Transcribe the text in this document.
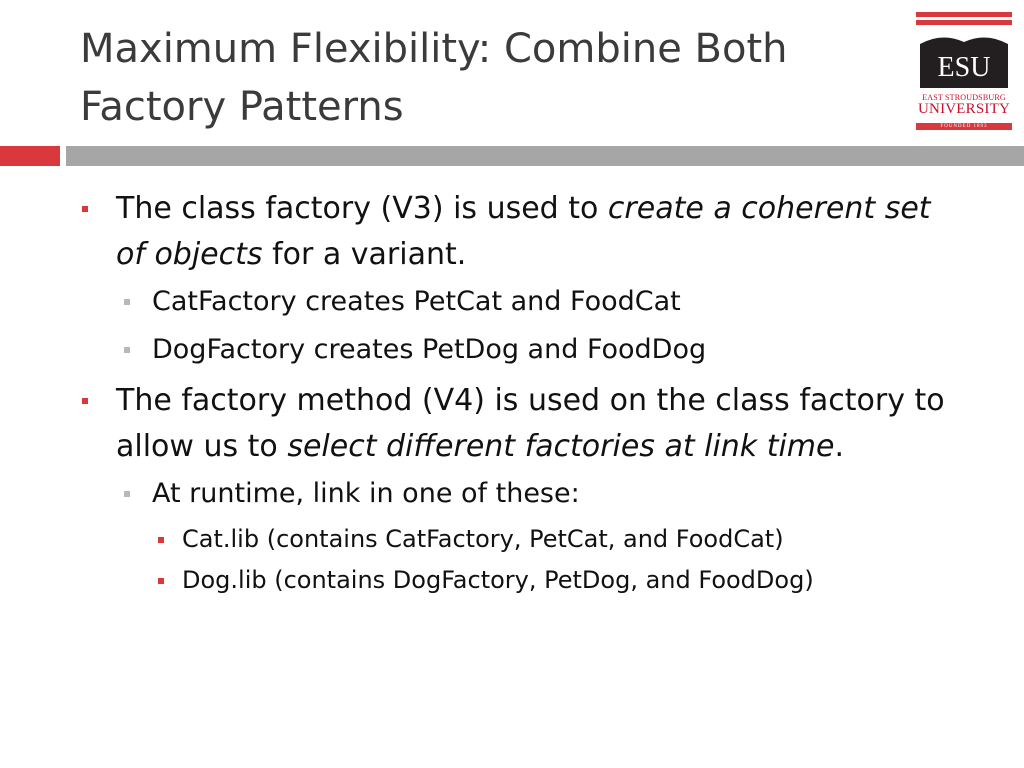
Maximum Flexibility: Combine Both
Factory Patterns
ESU
EAST STROUDSBURG
UNIVERSITY
FOUNDED 1893
The class factory (V3) is used to create a coherent set of objects for a variant.
CatFactory creates PetCat and FoodCat
DogFactory creates PetDog and FoodDog
The factory method (V4) is used on the class factory to allow us to select different factories at link time.
At runtime, link in one of these:
Cat.lib (contains CatFactory, PetCat, and FoodCat)
Dog.lib (contains DogFactory, PetDog, and FoodDog)
